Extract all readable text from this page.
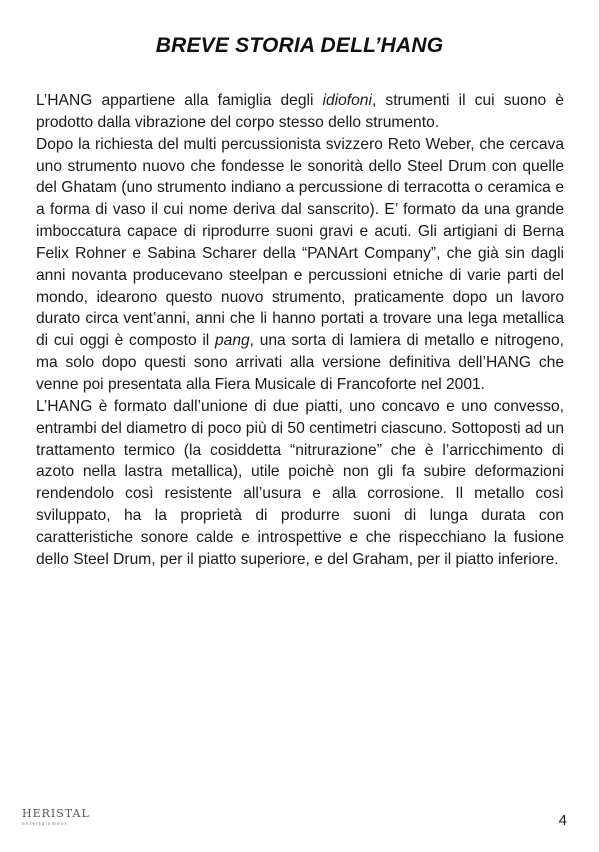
BREVE STORIA DELL’HANG

L’HANG appartiene alla famiglia degli idiofoni, strumenti il cui suono è prodotto dalla vibrazione del corpo stesso dello strumento.

Dopo la richiesta del multi percussionista svizzero Reto Weber, che cercava uno strumento nuovo che fondesse le sonorità dello Steel Drum con quelle del Ghatam (uno strumento indiano a percussione di terracotta o ceramica e a forma di vaso il cui nome deriva dal sanscrito). E’ formato da una grande imboccatura capace di riprodurre suoni gravi e acuti. Gli artigiani di Berna Felix Rohner e Sabina Scharer della “PANArt Company”, che già sin dagli anni novanta producevano steelpan e percussioni etniche di varie parti del mondo, idearono questo nuovo strumento, praticamente dopo un lavoro durato circa vent’anni, anni che li hanno portati a trovare una lega metallica di cui oggi è composto il pang, una sorta di lamiera di metallo e nitrogeno, ma solo dopo questi sono arrivati alla versione definitiva dell’HANG che venne poi presentata alla Fiera Musicale di Francoforte nel 2001.

L’HANG è formato dall’unione di due piatti, uno concavo e uno convesso, entrambi del diametro di poco più di 50 centimetri ciascuno. Sottoposti ad un trattamento termico (la cosiddetta “nitrurazione” che è l’arricchimento di azoto nella lastra metallica), utile poichè non gli fa subire deformazioni rendendolo così resistente all’usura e alla corrosione. Il metallo così sviluppato, ha la proprietà di produrre suoni di lunga durata con caratteristiche sonore calde e introspettive e che rispecchiano la fusione dello Steel Drum, per il piatto superiore, e del Graham, per il piatto inferiore.

HERISTAL
entertainment	4
